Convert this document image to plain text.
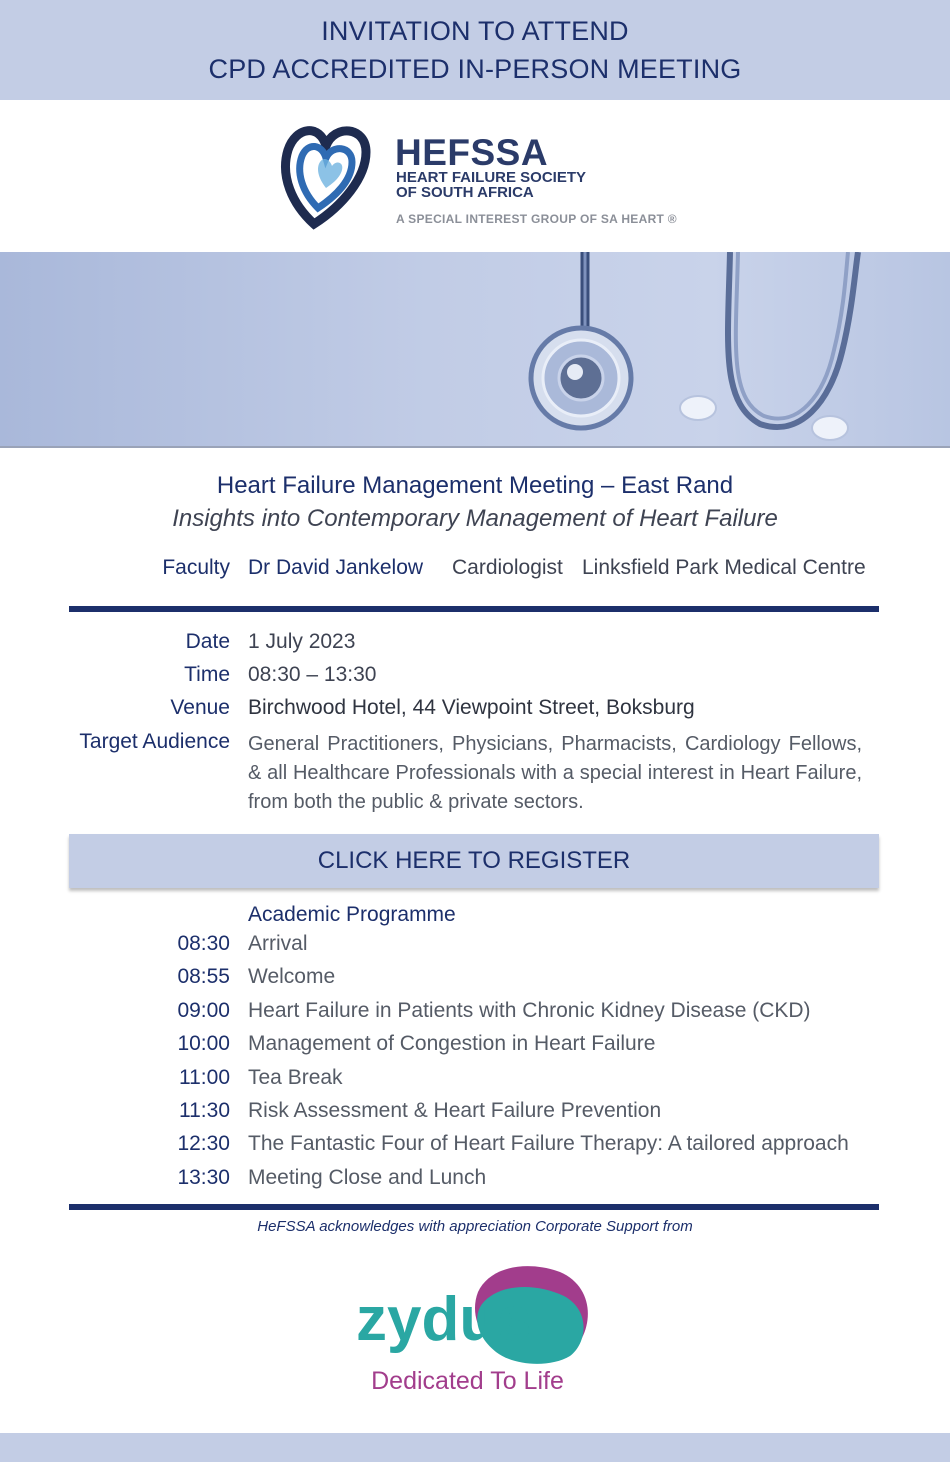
INVITATION TO ATTEND
CPD ACCREDITED IN-PERSON MEETING
HEFSSA
HEART FAILURE SOCIETY
OF SOUTH AFRICA
A SPECIAL INTEREST GROUP OF SA HEART ®
Heart Failure Management Meeting – East Rand
Insights into Contemporary Management of Heart Failure
Faculty Dr David Jankelow Cardiologist Linksfield Park Medical Centre
Date 1 July 2023
Time 08:30 – 13:30
Venue Birchwood Hotel, 44 Viewpoint Street, Boksburg
Target Audience General Practitioners, Physicians, Pharmacists, Cardiology Fellows, & all Healthcare Professionals with a special interest in Heart Failure, from both the public & private sectors.
CLICK HERE TO REGISTER
Academic Programme
08:30 Arrival
08:55 Welcome
09:00 Heart Failure in Patients with Chronic Kidney Disease (CKD)
10:00 Management of Congestion in Heart Failure
11:00 Tea Break
11:30 Risk Assessment & Heart Failure Prevention
12:30 The Fantastic Four of Heart Failure Therapy: A tailored approach
13:30 Meeting Close and Lunch
HeFSSA acknowledges with appreciation Corporate Support from
zydus
Dedicated To Life
